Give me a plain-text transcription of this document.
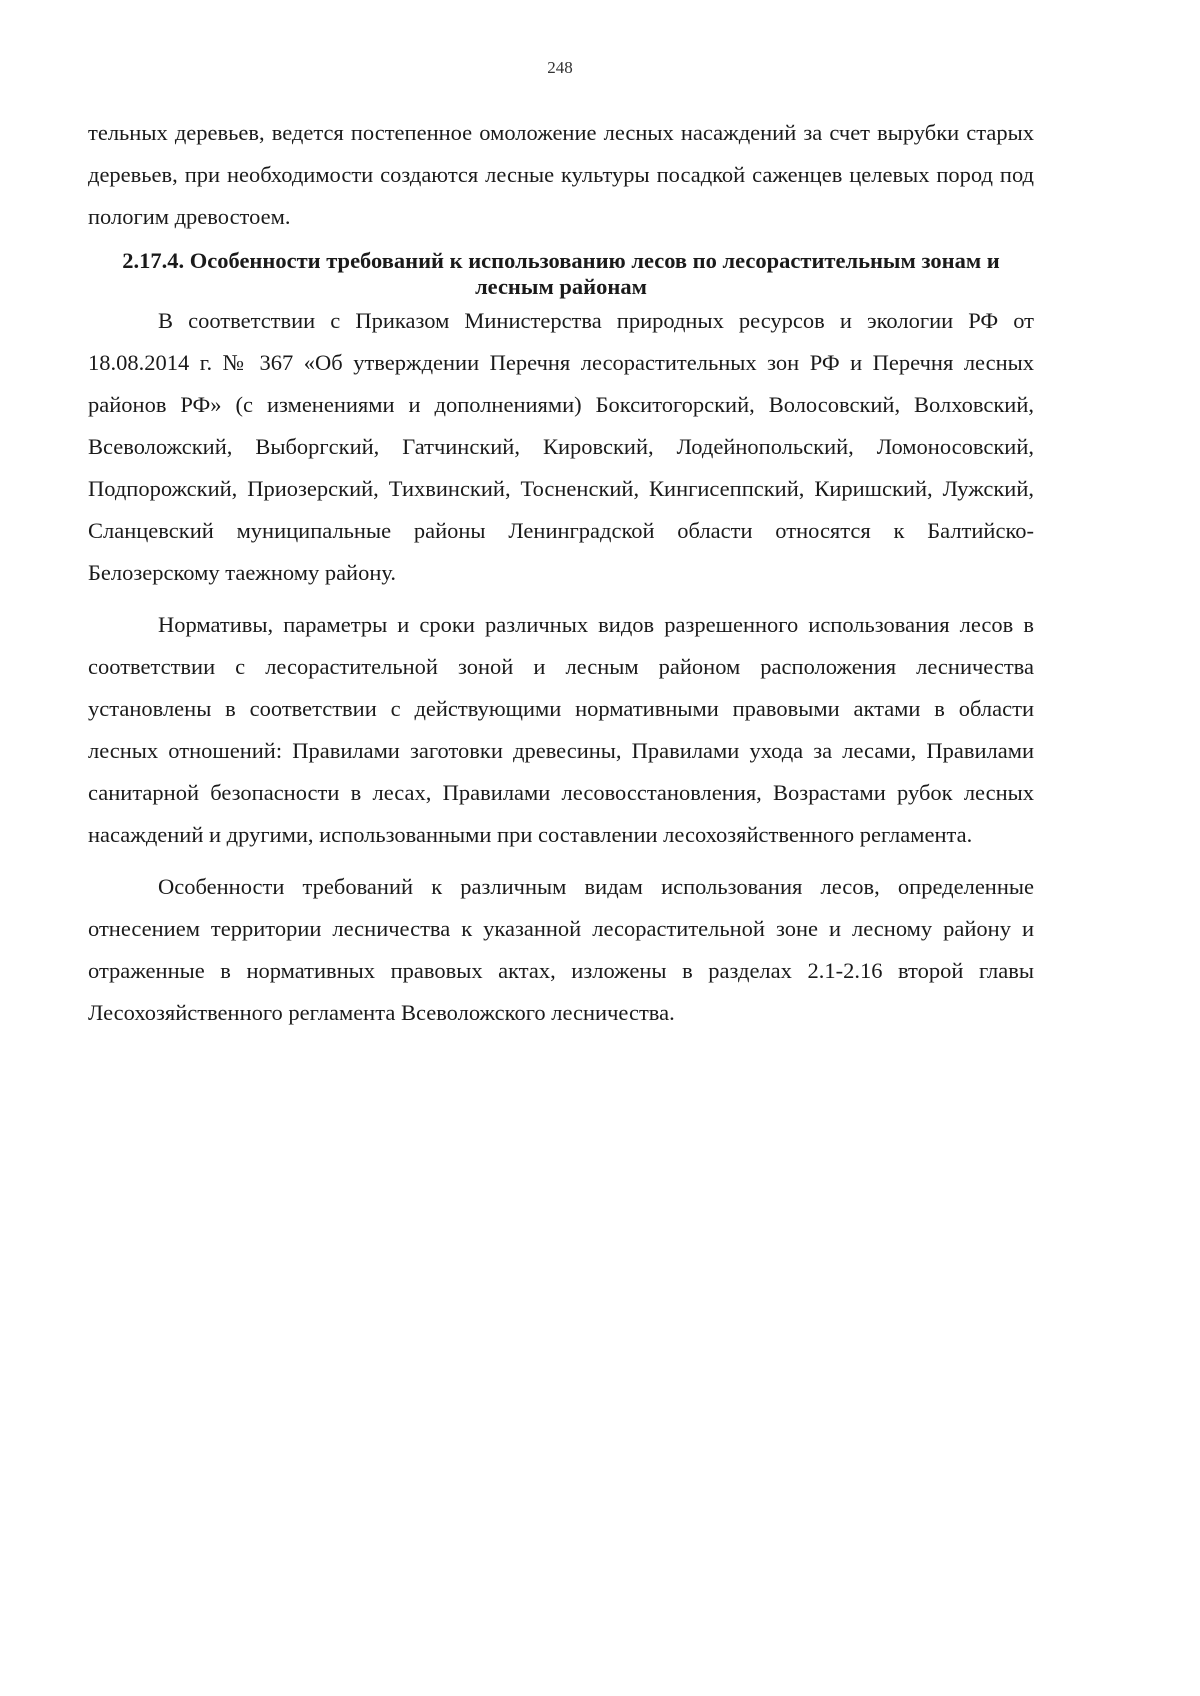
248

тельных деревьев, ведется постепенное омоложение лесных насаждений за счет вырубки старых деревьев, при необходимости создаются лесные культуры посадкой саженцев целевых пород под пологим древостоем.

2.17.4. Особенности требований к использованию лесов по лесорастительным зонам и лесным районам

В соответствии с Приказом Министерства природных ресурсов и экологии РФ от 18.08.2014 г. № 367 «Об утверждении Перечня лесорастительных зон РФ и Перечня лесных районов РФ» (с изменениями и дополнениями) Бокситогорский, Волосовский, Волховский, Всеволожский, Выборгский, Гатчинский, Кировский, Лодейнопольский, Ломоносовский, Подпорожский, Приозерский, Тихвинский, Тосненский, Кингисеппский, Киришский, Лужский, Сланцевский муниципальные районы Ленинградской области относятся к Балтийско-Белозерскому таежному району.

Нормативы, параметры и сроки различных видов разрешенного использования лесов в соответствии с лесорастительной зоной и лесным районом расположения лесничества установлены в соответствии с действующими нормативными правовыми актами в области лесных отношений: Правилами заготовки древесины, Правилами ухода за лесами, Правилами санитарной безопасности в лесах, Правилами лесовосстановления, Возрастами рубок лесных насаждений и другими, использованными при составлении лесохозяйственного регламента.

Особенности требований к различным видам использования лесов, определенные отнесением территории лесничества к указанной лесорастительной зоне и лесному району и отраженные в нормативных правовых актах, изложены в разделах 2.1-2.16 второй главы Лесохозяйственного регламента Всеволожского лесничества.
